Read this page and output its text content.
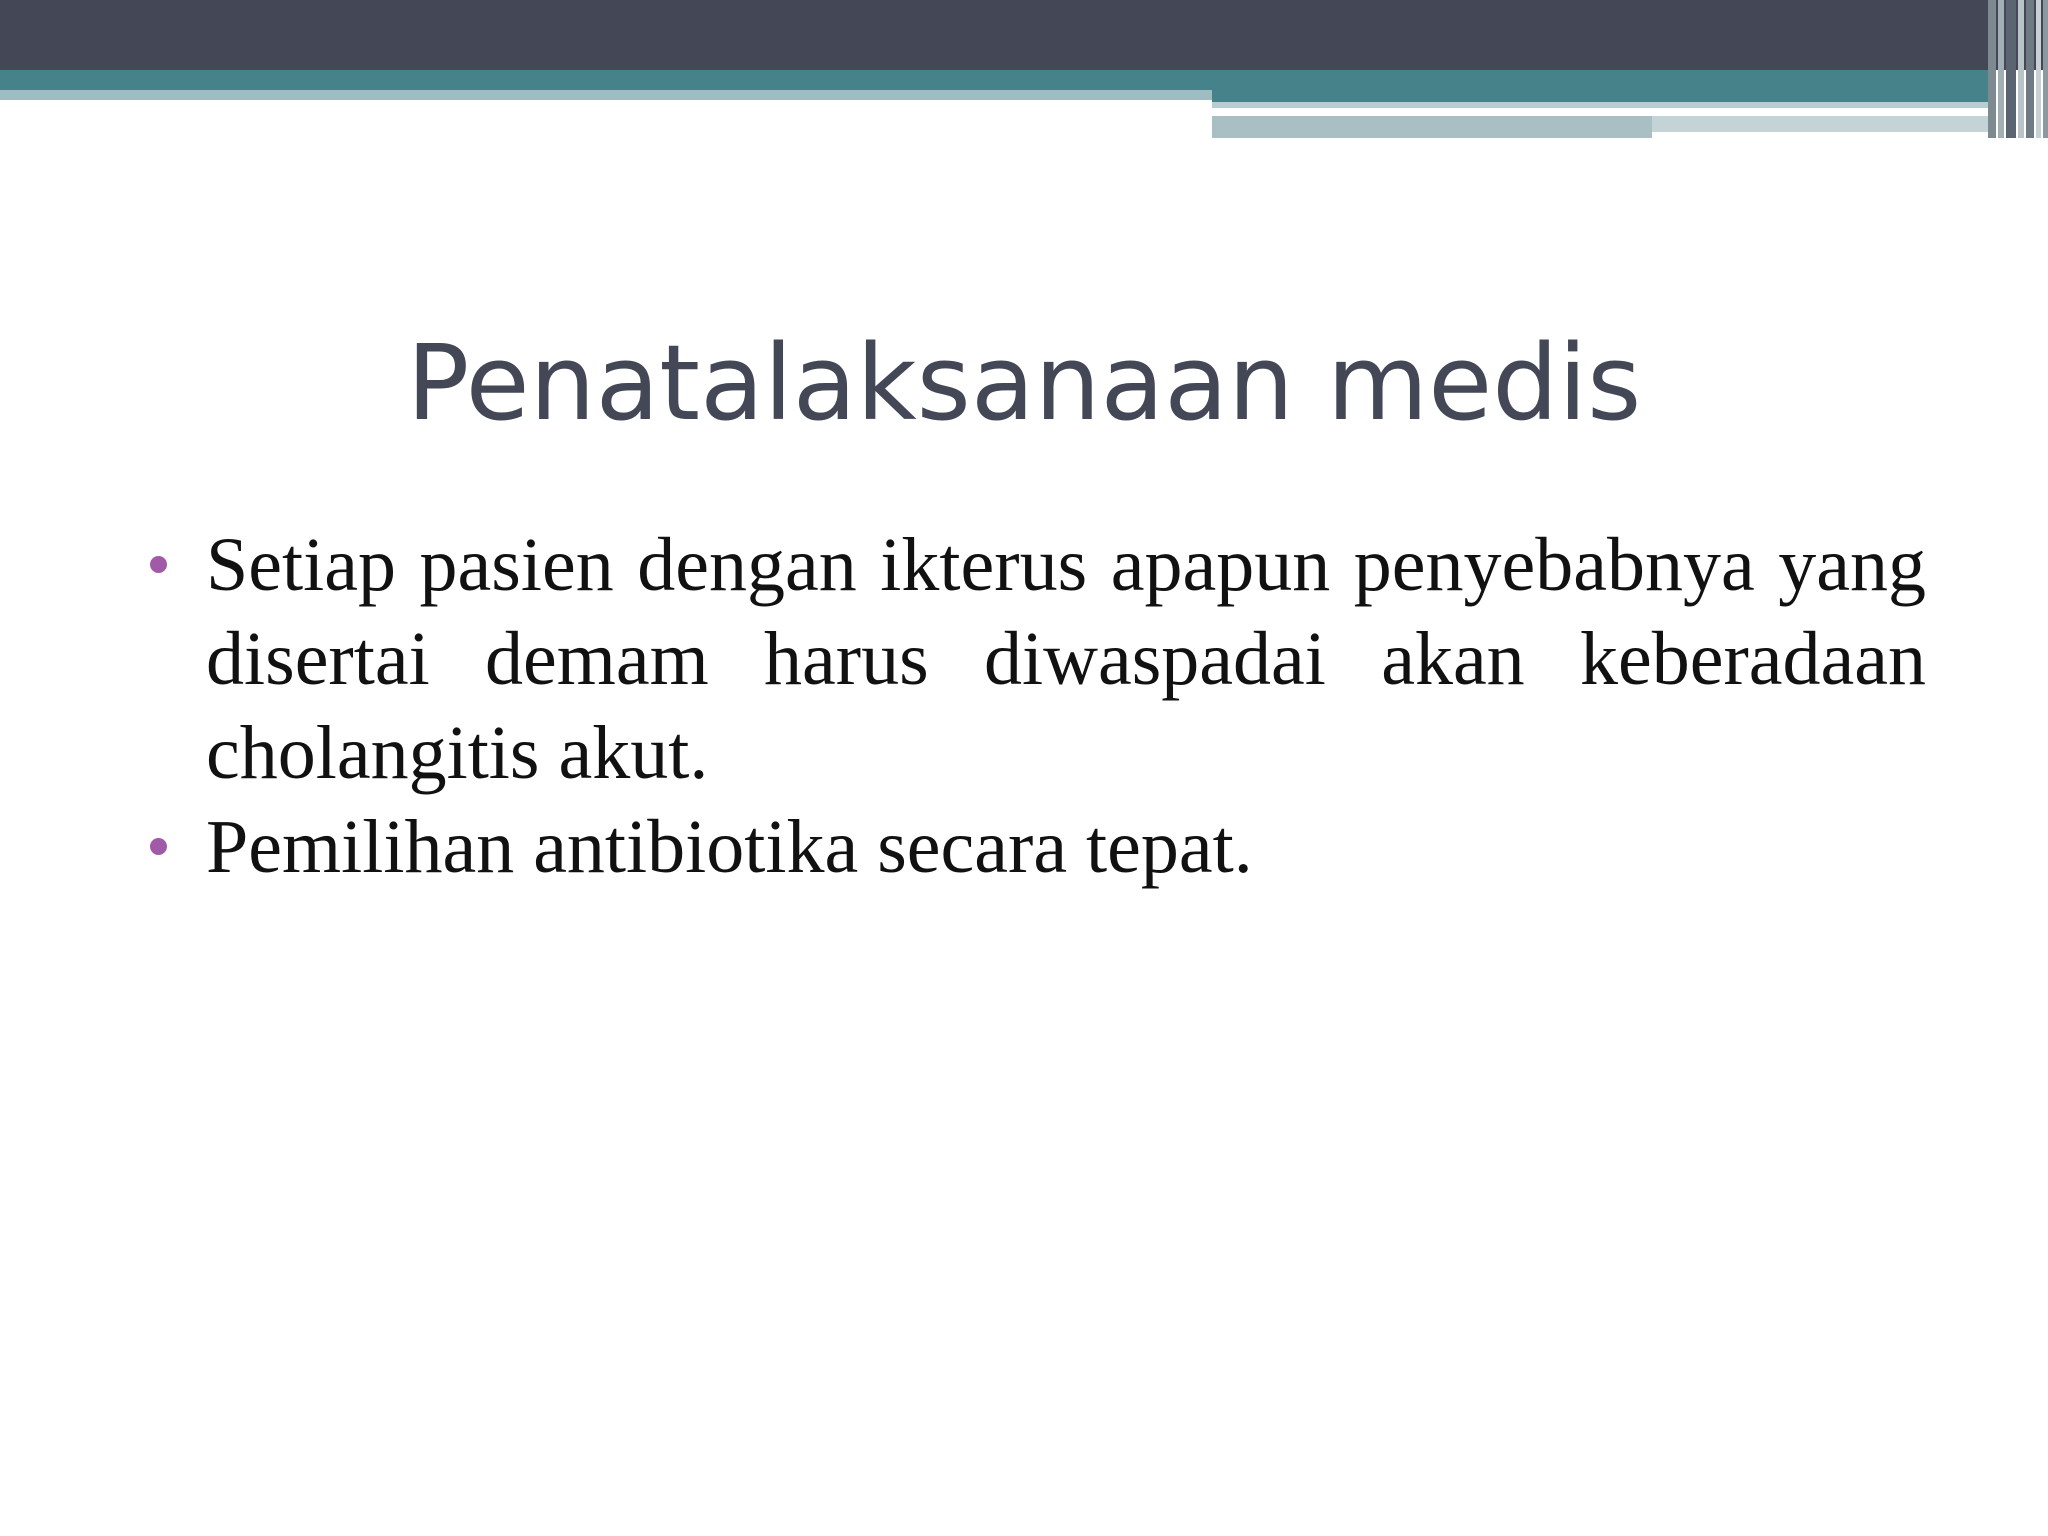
Penatalaksanaan medis
Setiap pasien dengan ikterus apapun penyebabnya yang disertai demam harus diwaspadai akan keberadaan cholangitis akut.
Pemilihan antibiotika secara tepat.
